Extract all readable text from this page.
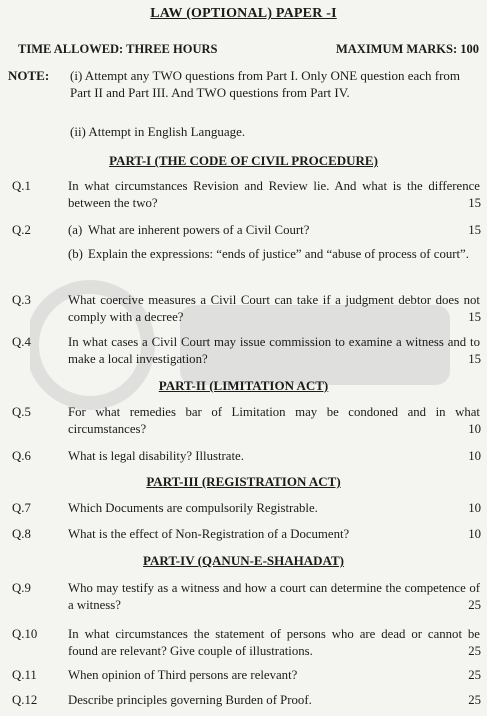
LAW (OPTIONAL) PAPER -I
TIME ALLOWED: THREE HOURS	MAXIMUM MARKS: 100
NOTE: (i) Attempt any TWO questions from Part I. Only ONE question each from Part II and Part III. And TWO questions from Part IV.
(ii) Attempt in English Language.
PART-I (THE CODE OF CIVIL PROCEDURE)
Q.1	In what circumstances Revision and Review lie. And what is the difference between the two?	15
Q.2	(a) What are inherent powers of a Civil Court?	15
(b) Explain the expressions: “ends of justice” and “abuse of process of court”.
Q.3	What coercive measures a Civil Court can take if a judgment debtor does not comply with a decree?	15
Q.4	In what cases a Civil Court may issue commission to examine a witness and to make a local investigation?	15
PART-II (LIMITATION ACT)
Q.5	For what remedies bar of Limitation may be condoned and in what circumstances?	10
Q.6	What is legal disability? Illustrate.	10
PART-III (REGISTRATION ACT)
Q.7	Which Documents are compulsorily Registrable.	10
Q.8	What is the effect of Non-Registration of a Document?	10
PART-IV (QANUN-E-SHAHADAT)
Q.9	Who may testify as a witness and how a court can determine the competence of a witness?	25
Q.10 In what circumstances the statement of persons who are dead or cannot be found are relevant? Give couple of illustrations.	25
Q.11 When opinion of Third persons are relevant?	25
Q.12 Describe principles governing Burden of Proof.	25
